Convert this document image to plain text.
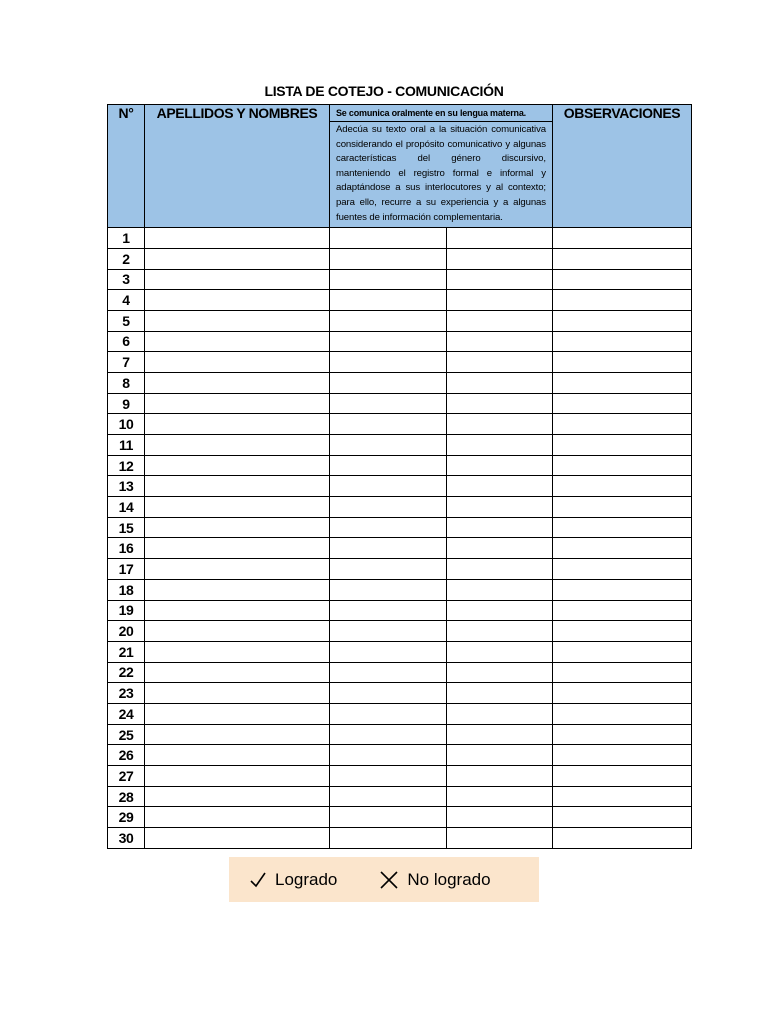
LISTA DE COTEJO - COMUNICACIÓN
N°	APELLIDOS Y NOMBRES	Se comunica oralmente en su lengua materna.		OBSERVACIONES
		Adecúa su texto oral a la situación comunicativa considerando el propósito comunicativo y algunas características del género discursivo, manteniendo el registro formal e informal y adaptándose a sus interlocutores y al contexto; para ello, recurre a su experiencia y a algunas fuentes de información complementaria.		
1				
2				
3				
4				
5				
6				
7				
8				
9				
10				
11				
12				
13				
14				
15				
16				
17				
18				
19				
20				
21				
22				
23				
24				
25				
26				
27				
28				
29				
30				
Logrado	No logrado
